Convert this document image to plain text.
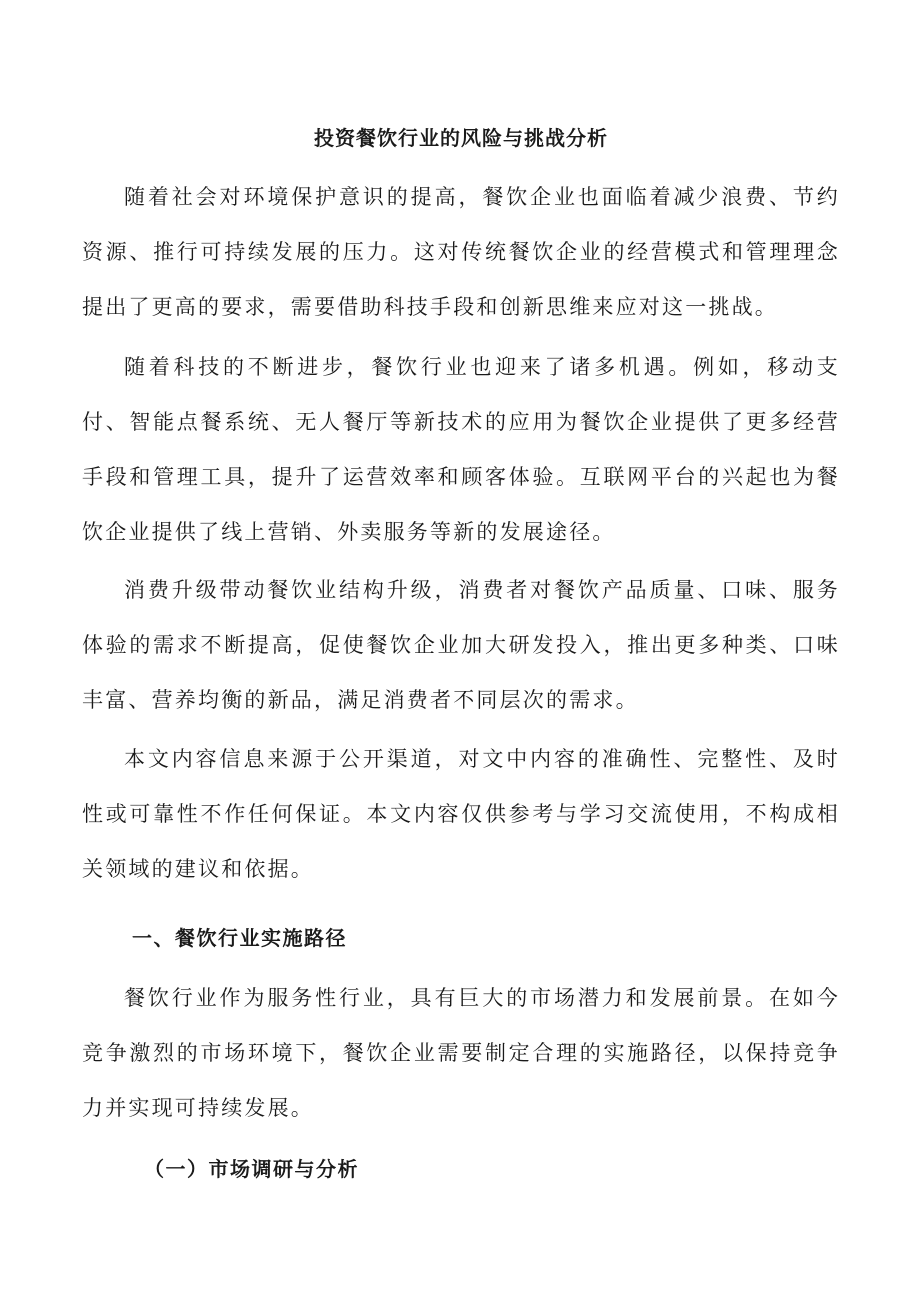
投资餐饮行业的风险与挑战分析

随着社会对环境保护意识的提高，餐饮企业也面临着减少浪费、节约资源、推行可持续发展的压力。这对传统餐饮企业的经营模式和管理理念提出了更高的要求，需要借助科技手段和创新思维来应对这一挑战。

随着科技的不断进步，餐饮行业也迎来了诸多机遇。例如，移动支付、智能点餐系统、无人餐厅等新技术的应用为餐饮企业提供了更多经营手段和管理工具，提升了运营效率和顾客体验。互联网平台的兴起也为餐饮企业提供了线上营销、外卖服务等新的发展途径。

消费升级带动餐饮业结构升级，消费者对餐饮产品质量、口味、服务体验的需求不断提高，促使餐饮企业加大研发投入，推出更多种类、口味丰富、营养均衡的新品，满足消费者不同层次的需求。

本文内容信息来源于公开渠道，对文中内容的准确性、完整性、及时性或可靠性不作任何保证。本文内容仅供参考与学习交流使用，不构成相关领域的建议和依据。

一、餐饮行业实施路径

餐饮行业作为服务性行业，具有巨大的市场潜力和发展前景。在如今竞争激烈的市场环境下，餐饮企业需要制定合理的实施路径，以保持竞争力并实现可持续发展。

（一）市场调研与分析
